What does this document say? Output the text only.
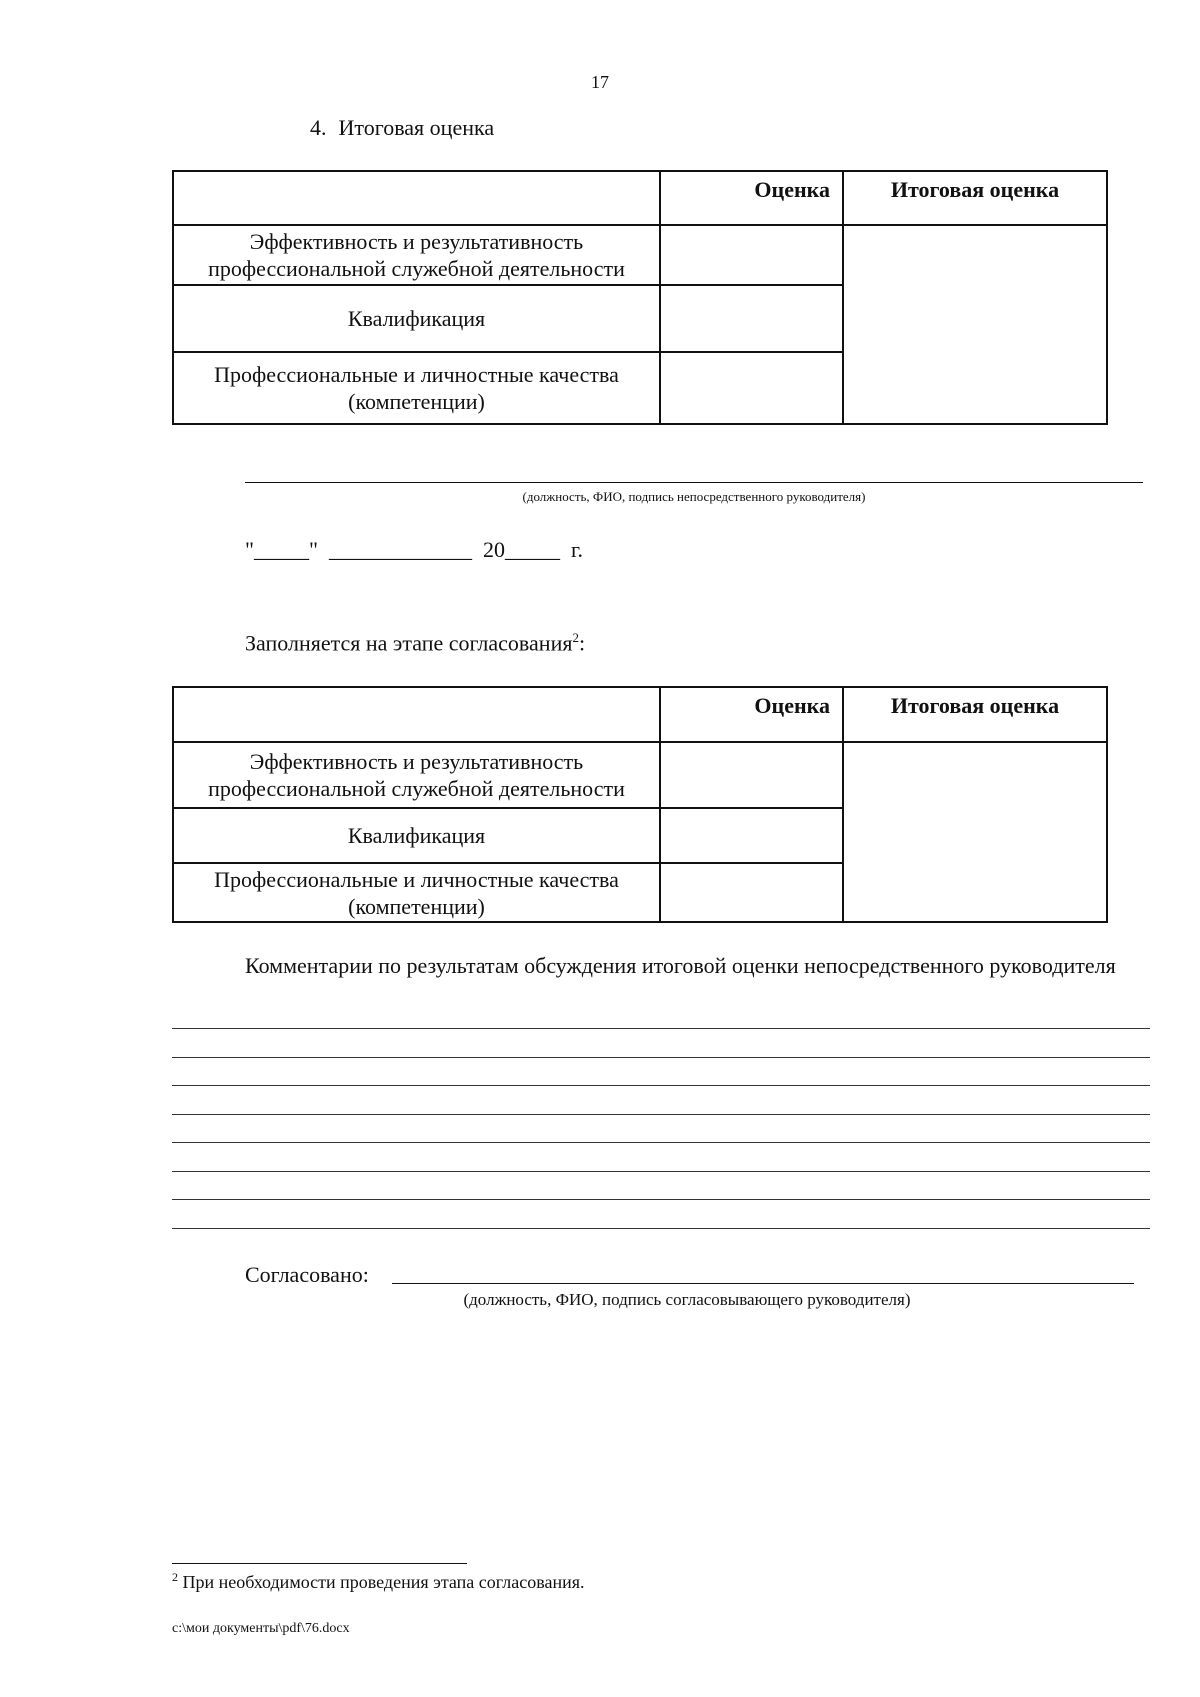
17
4. Итоговая оценка
	Оценка	Итоговая оценка
Эффективность и результативность профессиональной служебной деятельности		
Квалификация		
Профессиональные и личностные качества (компетенции)		
(должность, ФИО, подпись непосредственного руководителя)
"_____"  _____________  20_____  г.
Заполняется на этапе согласования$^2$:
	Оценка	Итоговая оценка
Эффективность и результативность профессиональной служебной деятельности		
Квалификация		
Профессиональные и личностные качества (компетенции)		
Комментарии по результатам обсуждения итоговой оценки непосредственного руководителя
Согласовано:
(должность, ФИО, подпись согласовывающего руководителя)
$^2$ При необходимости проведения этапа согласования.
c:\мои документы\pdf\76.docx
